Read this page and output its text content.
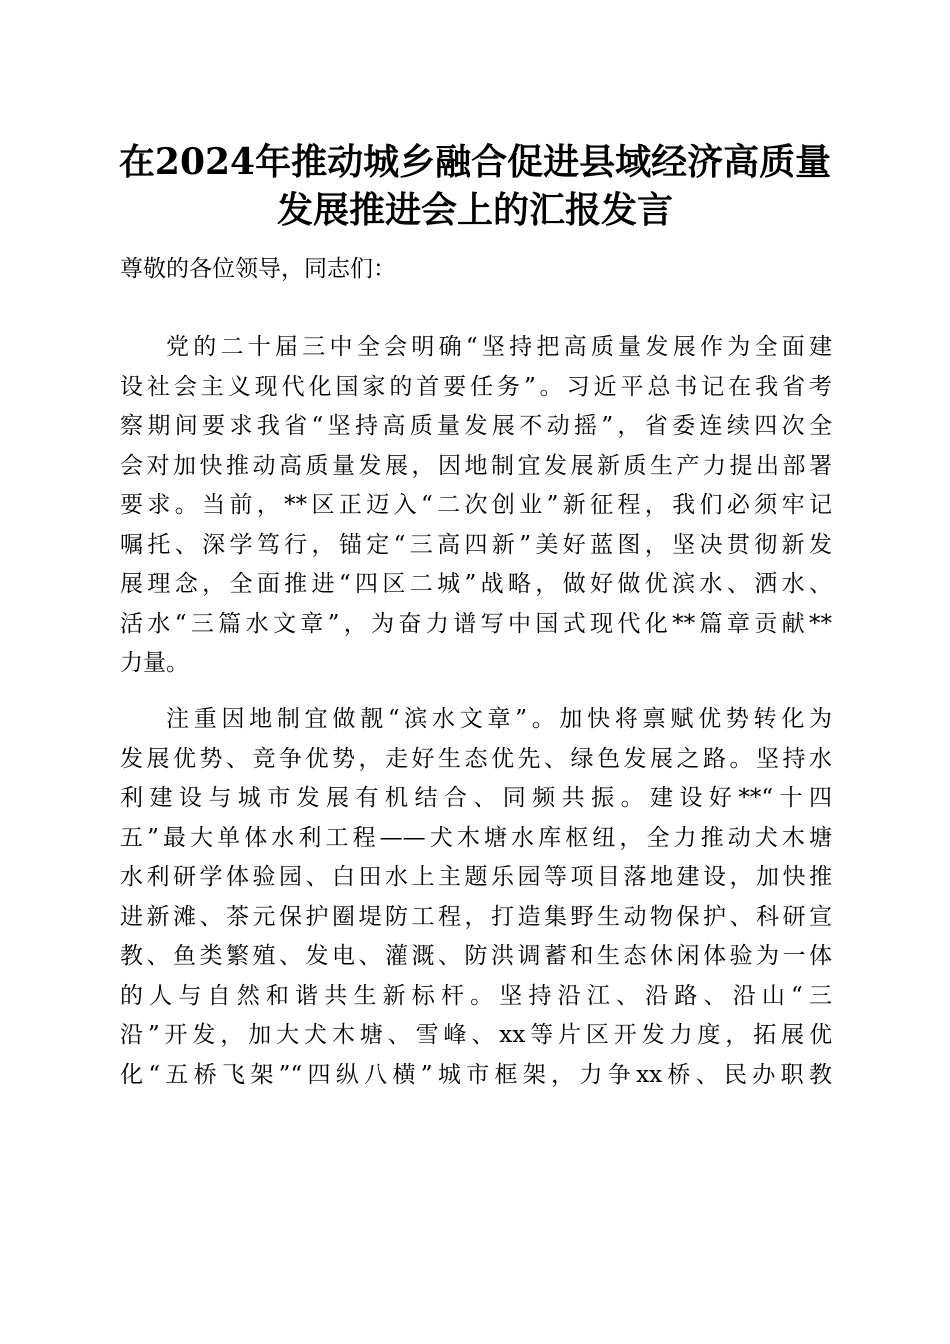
在2024年推动城乡融合促进县域经济高质量
发展推进会上的汇报发言
尊敬的各位领导，同志们：
党的二十届三中全会明确“坚持把高质量发展作为全面建
设社会主义现代化国家的首要任务”。习近平总书记在我省考
察期间要求我省“坚持高质量发展不动摇”，省委连续四次全
会对加快推动高质量发展，因地制宜发展新质生产力提出部署
要求。当前，**区正迈入“二次创业”新征程，我们必须牢记
嘱托、深学笃行，锚定“三高四新”美好蓝图，坚决贯彻新发
展理念，全面推进“四区二城”战略，做好做优滨水、洒水、
活水“三篇水文章”，为奋力谱写中国式现代化**篇章贡献**
力量。
注重因地制宜做靓“滨水文章”。加快将禀赋优势转化为
发展优势、竞争优势，走好生态优先、绿色发展之路。坚持水
利建设与城市发展有机结合、同频共振。建设好**“十四
五”最大单体水利工程——犬木塘水库枢纽，全力推动犬木塘
水利研学体验园、白田水上主题乐园等项目落地建设，加快推
进新滩、茶元保护圈堤防工程，打造集野生动物保护、科研宣
教、鱼类繁殖、发电、灌溉、防洪调蓄和生态休闲体验为一体
的人与自然和谐共生新标杆。坚持沿江、沿路、沿山“三
沿”开发，加大犬木塘、雪峰、xx等片区开发力度，拓展优
化“五桥飞架”“四纵八横”城市框架，力争xx桥、民办职教
